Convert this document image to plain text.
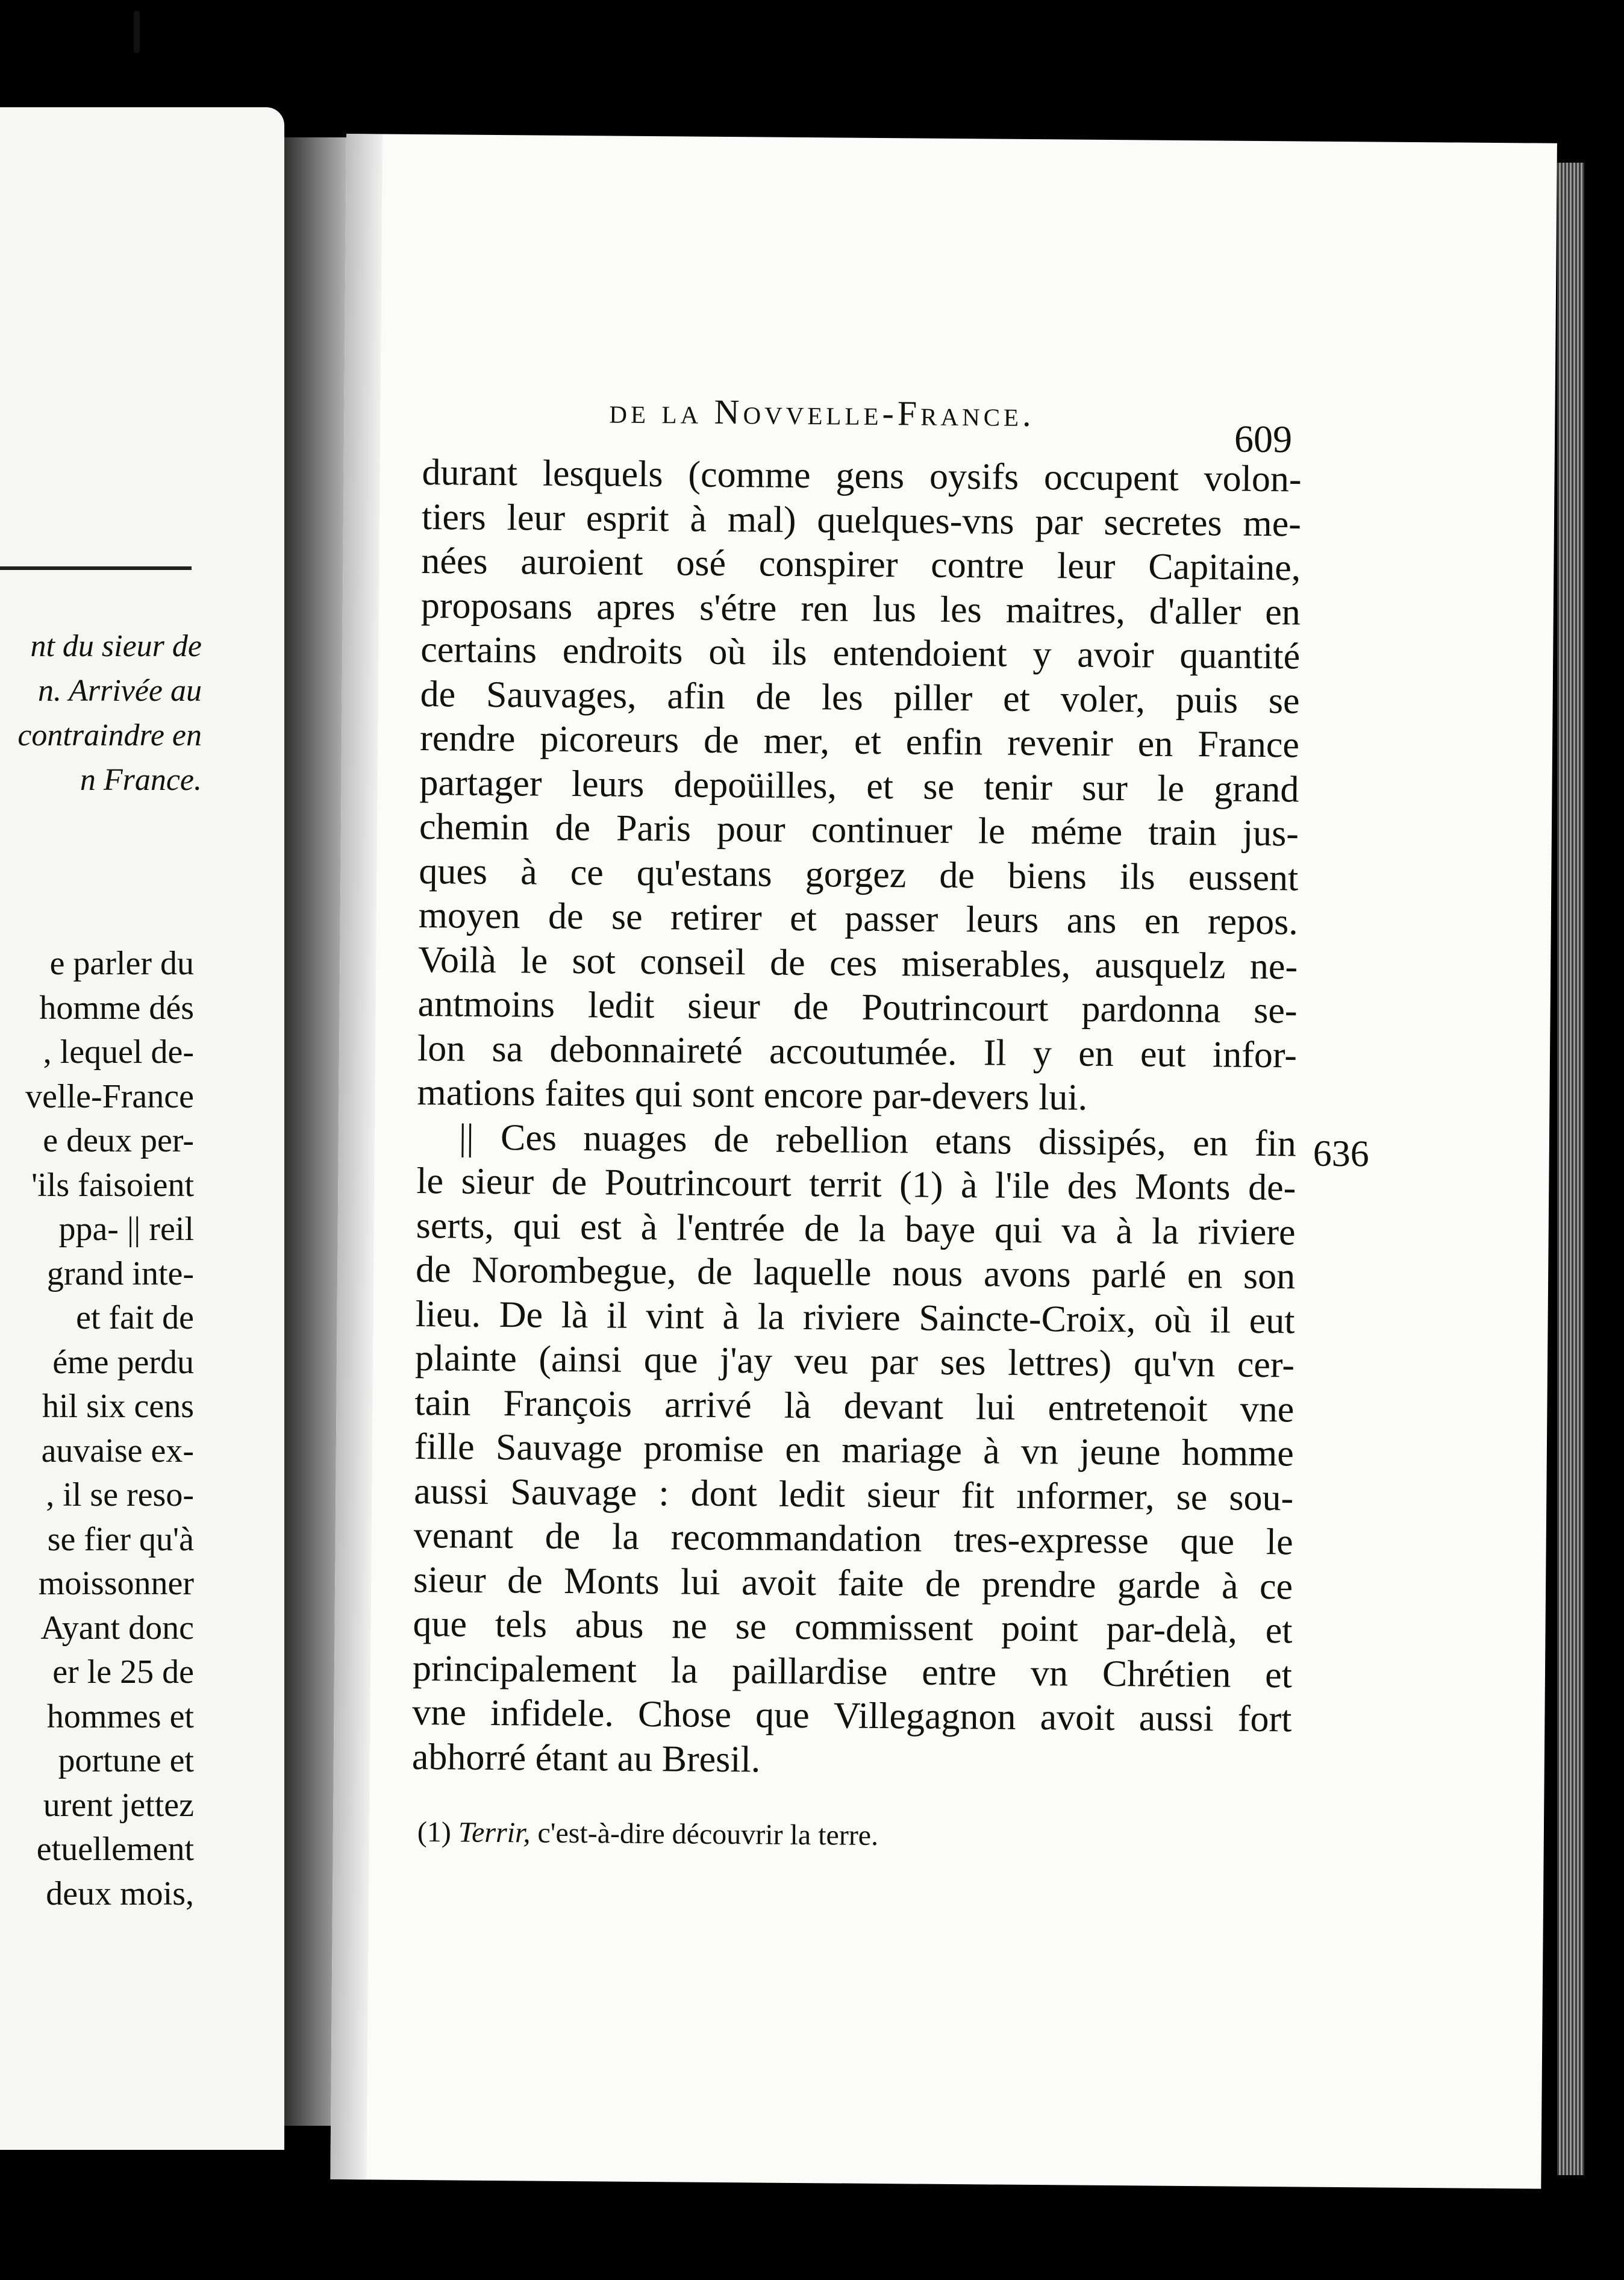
nt du sieur de
n. Arrivée au
contraindre en
n France.
e parler du
homme dés
, lequel de-
velle-France
e deux per-
'ils faisoient
ppa- || reil
grand inte-
et fait de
éme perdu
hil six cens
auvaise ex-
, il se reso-
se fier qu'à
moissonner
Ayant donc
er le 25 de
hommes et
portune et
urent jettez
etuellement
deux mois,
de la Novvelle-France.
609
durant lesquels (comme gens oysifs occupent volon-
tiers leur esprit à mal) quelques-vns par secretes me-
nées auroient osé conspirer contre leur Capitaine,
proposans apres s'étre ren lus les maitres, d'aller en
certains endroits où ils entendoient y avoir quantité
de Sauvages, afin de les piller et voler, puis se
rendre picoreurs de mer, et enfin revenir en France
partager leurs depoüilles, et se tenir sur le grand
chemin de Paris pour continuer le méme train jus-
ques à ce qu'estans gorgez de biens ils eussent
moyen de se retirer et passer leurs ans en repos.
Voilà le sot conseil de ces miserables, ausquelz ne-
antmoins ledit sieur de Poutrincourt pardonna se-
lon sa debonnaireté accoutumée. Il y en eut infor-
mations faites qui sont encore par-devers lui.
|| Ces nuages de rebellion etans dissipés, en fin
le sieur de Poutrincourt territ (1) à l'ile des Monts de-
serts, qui est à l'entrée de la baye qui va à la riviere
de Norombegue, de laquelle nous avons parlé en son
lieu. De là il vint à la riviere Saincte-Croix, où il eut
plainte (ainsi que j'ay veu par ses lettres) qu'vn cer-
tain François arrivé là devant lui entretenoit vne
fille Sauvage promise en mariage à vn jeune homme
aussi Sauvage : dont ledit sieur fit ınformer, se sou-
venant de la recommandation tres-expresse que le
sieur de Monts lui avoit faite de prendre garde à ce
que tels abus ne se commissent point par-delà, et
principalement la paillardise entre vn Chrétien et
vne infidele. Chose que Villegagnon avoit aussi fort
abhorré étant au Bresil.
636
(1) Terrir, c'est-à-dire découvrir la terre.
